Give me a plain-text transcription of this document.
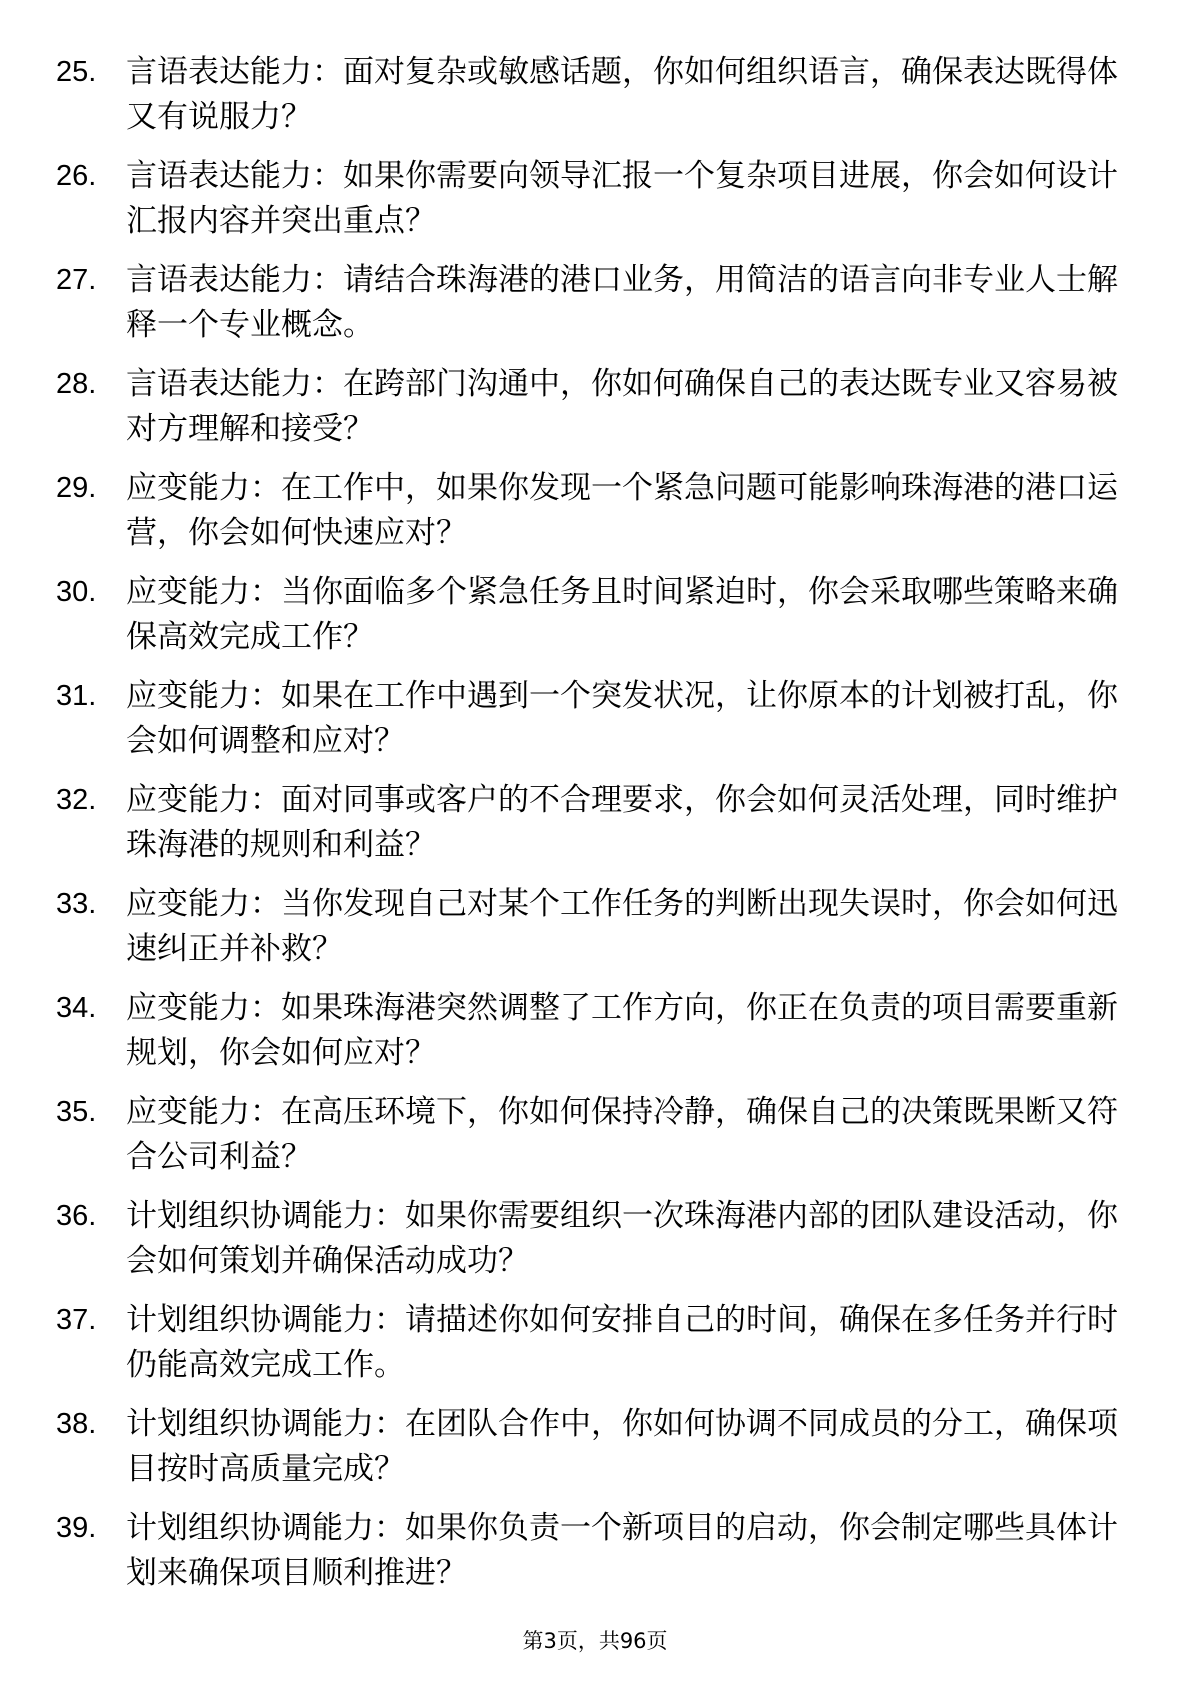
25. 言语表达能力：面对复杂或敏感话题，你如何组织语言，确保表达既得体又有说服力？
26. 言语表达能力：如果你需要向领导汇报一个复杂项目进展，你会如何设计汇报内容并突出重点？
27. 言语表达能力：请结合珠海港的港口业务，用简洁的语言向非专业人士解释一个专业概念。
28. 言语表达能力：在跨部门沟通中，你如何确保自己的表达既专业又容易被对方理解和接受？
29. 应变能力：在工作中，如果你发现一个紧急问题可能影响珠海港的港口运营，你会如何快速应对？
30. 应变能力：当你面临多个紧急任务且时间紧迫时，你会采取哪些策略来确保高效完成工作？
31. 应变能力：如果在工作中遇到一个突发状况，让你原本的计划被打乱，你会如何调整和应对？
32. 应变能力：面对同事或客户的不合理要求，你会如何灵活处理，同时维护珠海港的规则和利益？
33. 应变能力：当你发现自己对某个工作任务的判断出现失误时，你会如何迅速纠正并补救？
34. 应变能力：如果珠海港突然调整了工作方向，你正在负责的项目需要重新规划，你会如何应对？
35. 应变能力：在高压环境下，你如何保持冷静，确保自己的决策既果断又符合公司利益？
36. 计划组织协调能力：如果你需要组织一次珠海港内部的团队建设活动，你会如何策划并确保活动成功？
37. 计划组织协调能力：请描述你如何安排自己的时间，确保在多任务并行时仍能高效完成工作。
38. 计划组织协调能力：在团队合作中，你如何协调不同成员的分工，确保项目按时高质量完成？
39. 计划组织协调能力：如果你负责一个新项目的启动，你会制定哪些具体计划来确保项目顺利推进？
第3页，共96页
